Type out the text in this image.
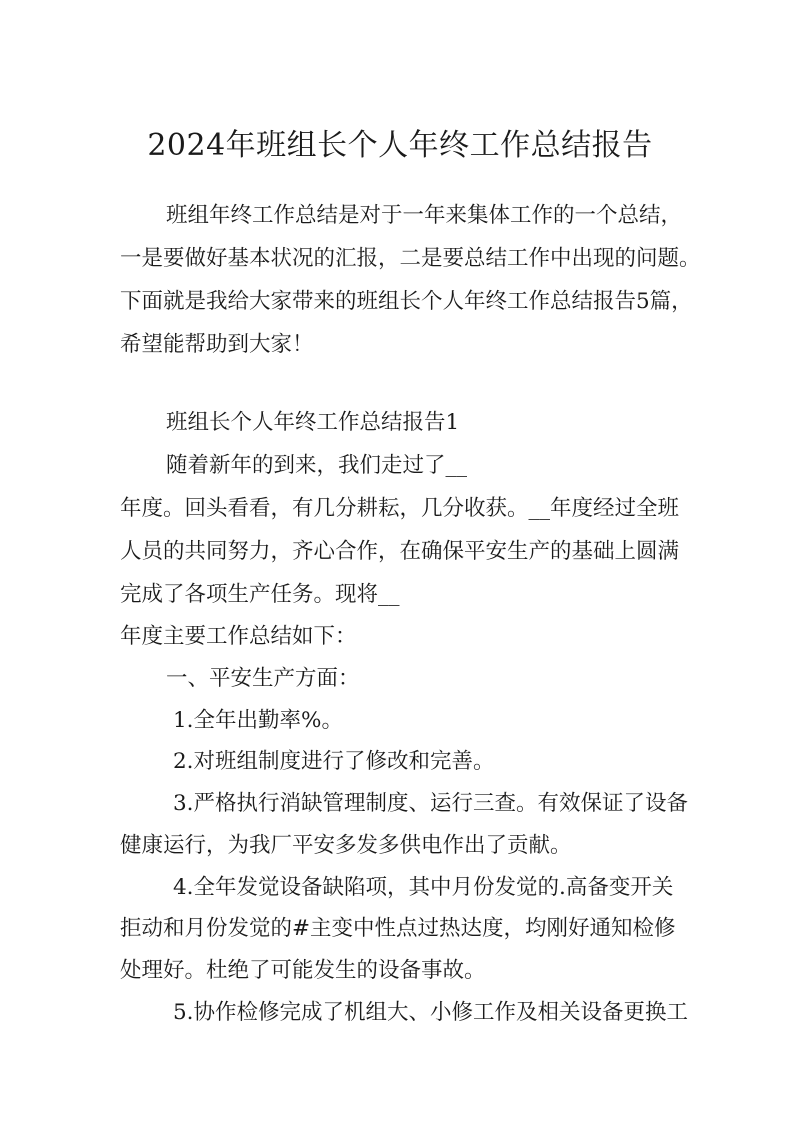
2024年班组长个人年终工作总结报告

班组年终工作总结是对于一年来集体工作的一个总结，

一是要做好基本状况的汇报，二是要总结工作中出现的问题。

下面就是我给大家带来的班组长个人年终工作总结报告5篇，

希望能帮助到大家！

班组长个人年终工作总结报告1

随着新年的到来，我们走过了__

年度。回头看看，有几分耕耘，几分收获。__年度经过全班

人员的共同努力，齐心合作，在确保平安生产的基础上圆满

完成了各项生产任务。现将__

年度主要工作总结如下：

一、平安生产方面：

1.全年出勤率%。

2.对班组制度进行了修改和完善。

3.严格执行消缺管理制度、运行三查。有效保证了设备

健康运行，为我厂平安多发多供电作出了贡献。

4.全年发觉设备缺陷项，其中月份发觉的.高备变开关

拒动和月份发觉的#主变中性点过热达度，均刚好通知检修

处理好。杜绝了可能发生的设备事故。

5.协作检修完成了机组大、小修工作及相关设备更换工
